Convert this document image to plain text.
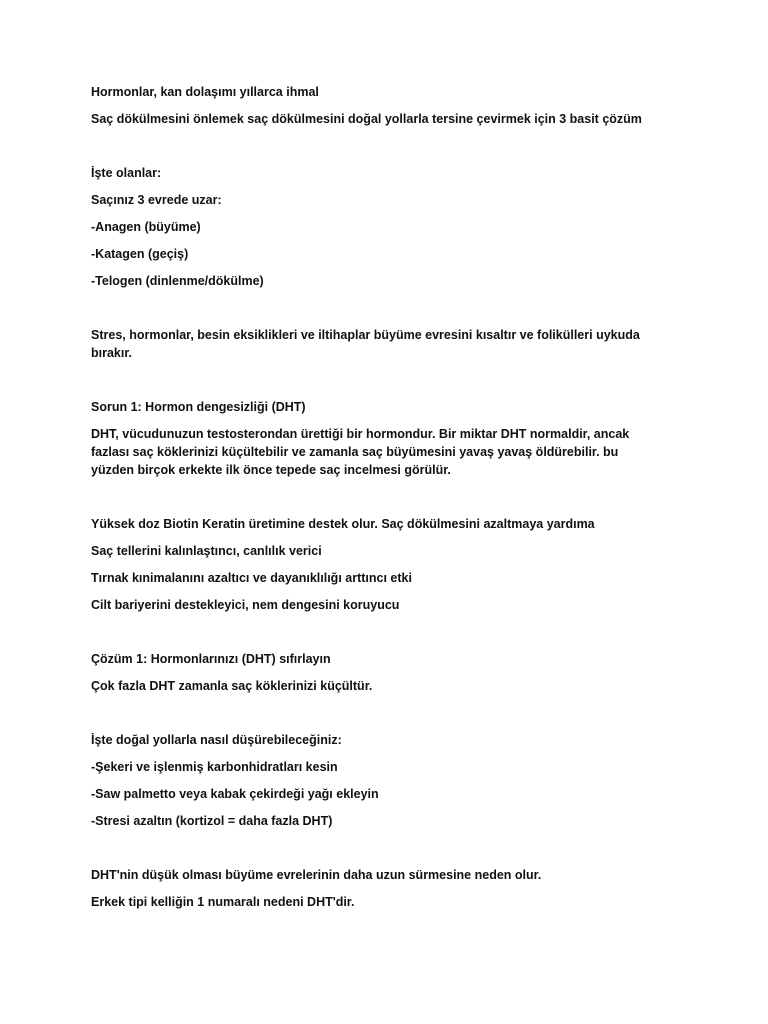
Hormonlar, kan dolaşımı yıllarca ihmal

Saç dökülmesini önlemek saç dökülmesini doğal yollarla tersine çevirmek için 3 basit çözüm

İşte olanlar:

Saçınız 3 evrede uzar:

-Anagen (büyüme)

-Katagen (geçiş)

-Telogen (dinlenme/dökülme)

Stres, hormonlar, besin eksiklikleri ve iltihaplar büyüme evresini kısaltır ve folikülleri uykuda bırakır.

Sorun 1: Hormon dengesizliği (DHT)

DHT, vücudunuzun testosterondan ürettiği bir hormondur. Bir miktar DHT normaldir, ancak fazlası saç köklerinizi küçültebilir ve zamanla saç büyümesini yavaş yavaş öldürebilir. bu yüzden birçok erkekte ilk önce tepede saç incelmesi görülür.

Yüksek doz Biotin Keratin üretimine destek olur. Saç dökülmesini azaltmaya yardıma

Saç tellerini kalınlaştıncı, canlılık verici

Tırnak kınimalanını azaltıcı ve dayanıklılığı arttıncı etki

Cilt bariyerini destekleyici, nem dengesini koruyucu

Çözüm 1: Hormonlarınızı (DHT) sıfırlayın

Çok fazla DHT zamanla saç köklerinizi küçültür.

İşte doğal yollarla nasıl düşürebileceğiniz:

-Şekeri ve işlenmiş karbonhidratları kesin

-Saw palmetto veya kabak çekirdeği yağı ekleyin

-Stresi azaltın (kortizol = daha fazla DHT)

DHT'nin düşük olması büyüme evrelerinin daha uzun sürmesine neden olur.

Erkek tipi kelliğin 1 numaralı nedeni DHT'dir.
